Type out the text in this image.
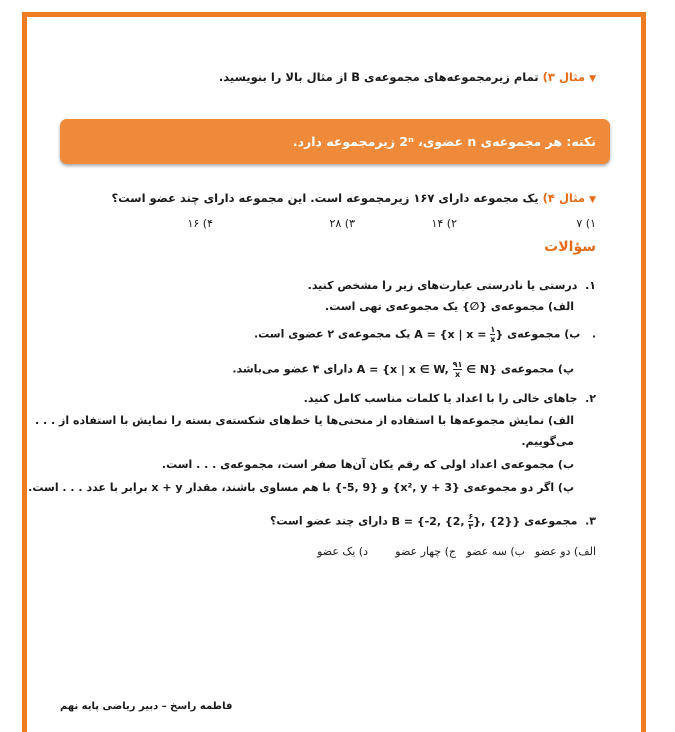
▼ مثال ۳) تمام زیرمجموعه‌های مجموعه‌ی B از مثال بالا را بنویسید.
نکته: هر مجموعه‌ی n عضوی، 2ⁿ زیرمجموعه دارد.
▼ مثال ۴) یک مجموعه دارای ۱۶۷ زیرمجموعه است. این مجموعه دارای چند عضو است؟
۱) ۷
۲) ۱۴
۳) ۲۸
۴) ۱۶
سؤالات
۱.  درستی یا نادرستی عبارت‌های زیر را مشخص کنید.
الف) مجموعه‌ی {∅} یک مجموعه‌ی تهی است.
.   ب) مجموعه‌ی A = {x | $x = \frac{۱}{x}$ } یک مجموعه‌ی ۲ عضوی است.
پ) مجموعه‌ی A = {x | x ∈ W, $\frac{۹۱}{x}$ ∈ N} دارای ۴ عضو می‌باشد.
۲.  جاهای خالی را با اعداد یا کلمات مناسب کامل کنید.
الف) نمایش مجموعه‌ها با استفاده از منحنی‌ها یا خط‌های شکسته‌ی بسته را نمایش با استفاده از . . .
می‌گوییم.
ب) مجموعه‌ی اعداد اولی که رقم یکان آن‌ها صفر است، مجموعه‌ی . . . است.
پ) اگر دو مجموعه‌ی {x², y + 3} و {-5, 9} با هم مساوی باشند، مقدار x + y برابر با عدد . . . است.
۳.  مجموعه‌ی B = {-2, {2, $\frac{۶}{۳}$ }, {2}} دارای چند عضو است؟
الف) دو عضو
ب) سه عضو
ج) چهار عضو
د) یک عضو
فاطمه راسخ – دبیر ریاضی پایه نهم
